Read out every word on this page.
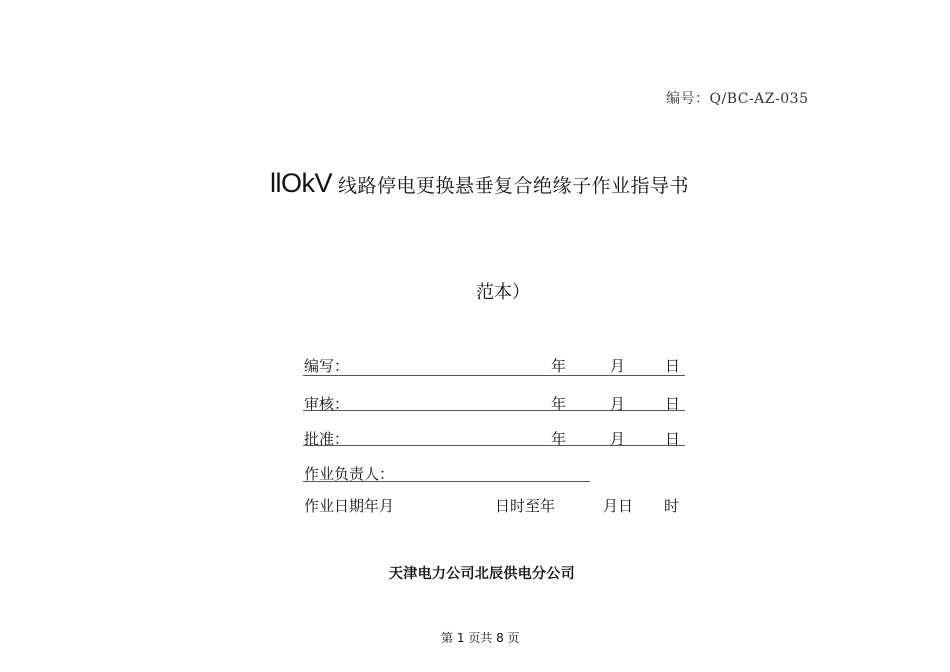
编号：Q/BC-AZ-035
llOkV 线路停电更换悬垂复合绝缘子作业指导书
范本）
编写：	年	月	日
审核：	年	月	日
批准：	年	月	日
作业负责人：
作业日期年月	日时至年	月日 时
天津电力公司北辰供电分公司
第 1 页共 8 页
